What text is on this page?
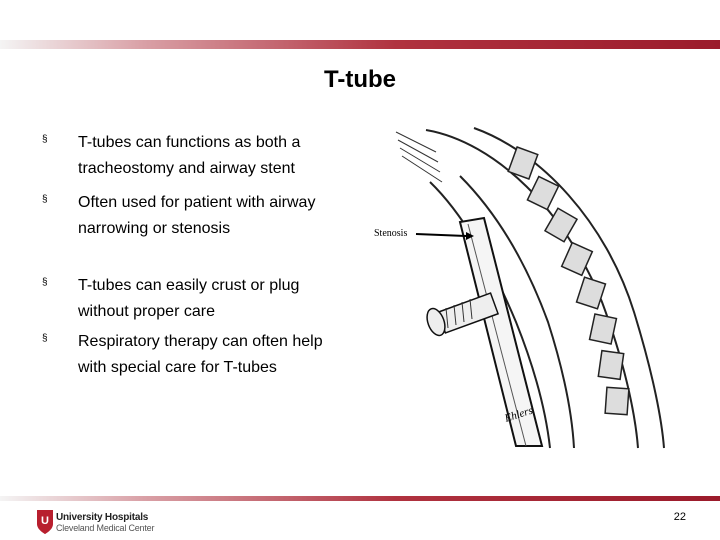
T-tube
§ T-tubes can functions as both a tracheostomy and airway stent
§ Often used for patient with airway narrowing or stenosis
§ T-tubes can easily crust or plug without proper care
§ Respiratory therapy can often help with special care for T-tubes
Stenosis
Ehlers
U University Hospitals
Cleveland Medical Center
22
